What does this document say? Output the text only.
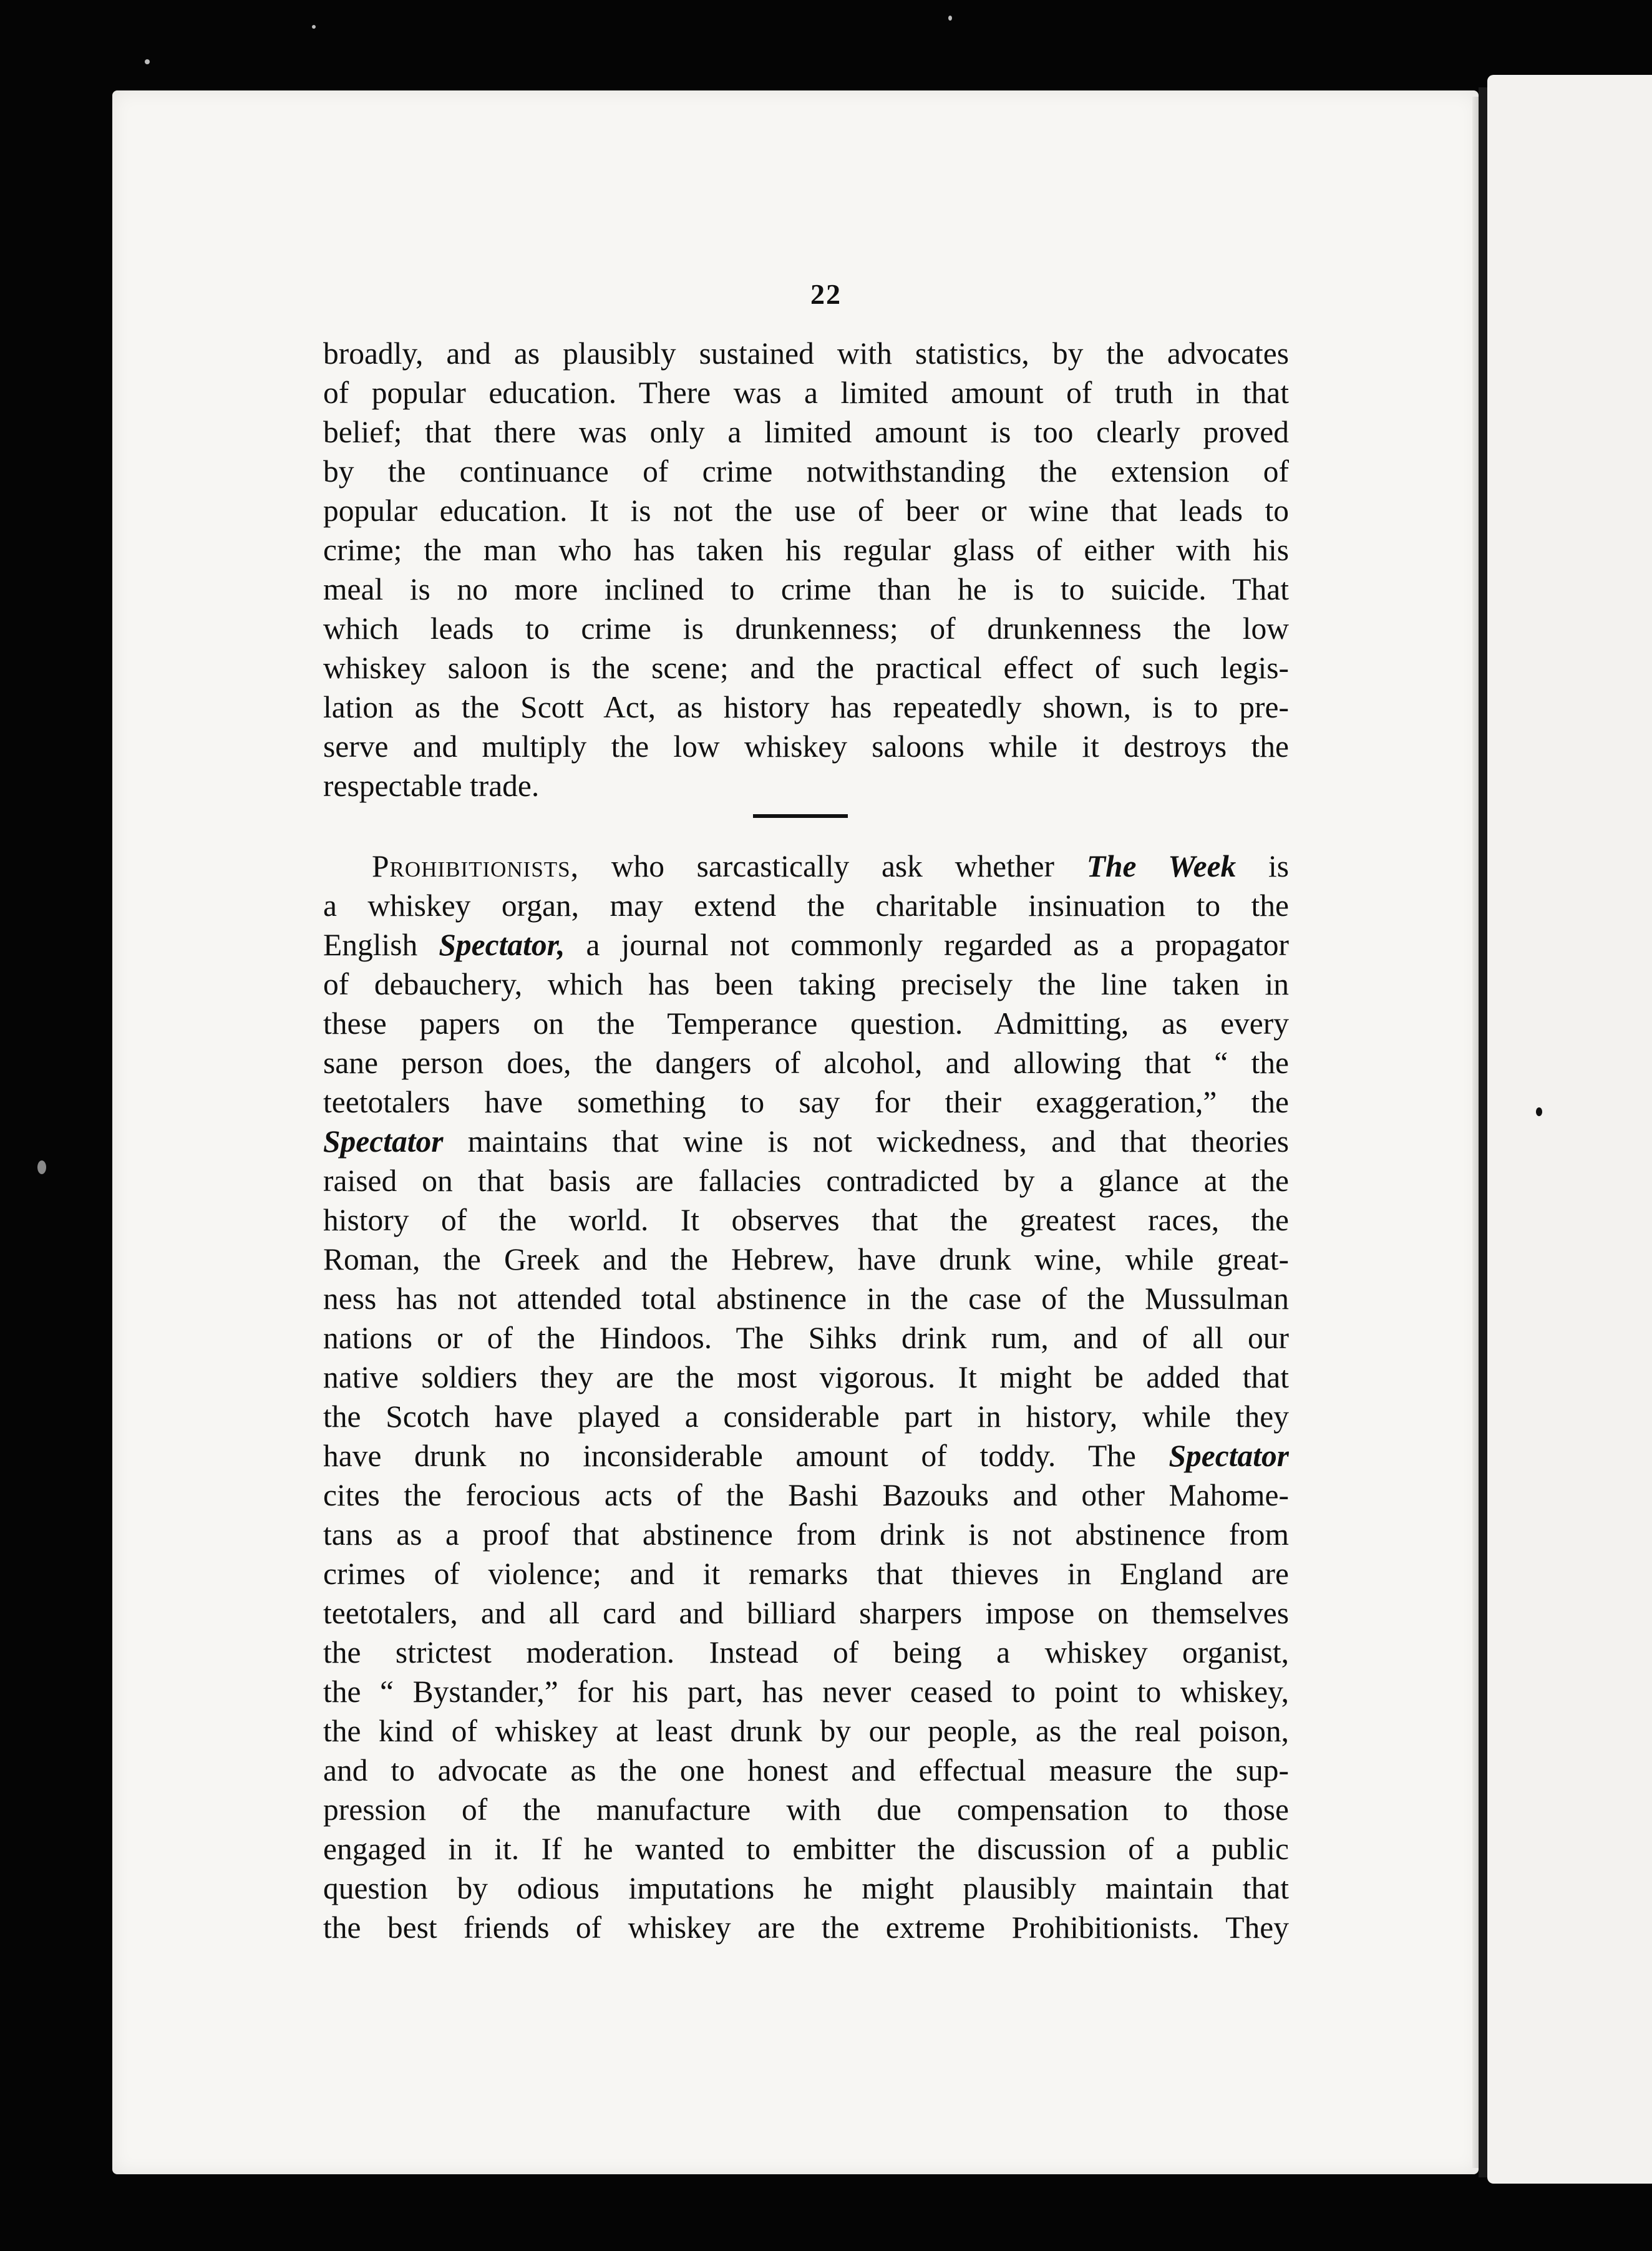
22
broadly, and as plausibly sustained with statistics, by the advocates
of popular education. There was a limited amount of truth in that
belief; that there was only a limited amount is too clearly proved
by the continuance of crime notwithstanding the extension of
popular education. It is not the use of beer or wine that leads to
crime; the man who has taken his regular glass of either with his
meal is no more inclined to crime than he is to suicide. That
which leads to crime is drunkenness; of drunkenness the low
whiskey saloon is the scene; and the practical effect of such legis-
lation as the Scott Act, as history has repeatedly shown, is to pre-
serve and multiply the low whiskey saloons while it destroys the
respectable trade.
Prohibitionists, who sarcastically ask whether The Week is
a whiskey organ, may extend the charitable insinuation to the
English Spectator, a journal not commonly regarded as a propagator
of debauchery, which has been taking precisely the line taken in
these papers on the Temperance question. Admitting, as every
sane person does, the dangers of alcohol, and allowing that “ the
teetotalers have something to say for their exaggeration,” the
Spectator maintains that wine is not wickedness, and that theories
raised on that basis are fallacies contradicted by a glance at the
history of the world. It observes that the greatest races, the
Roman, the Greek and the Hebrew, have drunk wine, while great-
ness has not attended total abstinence in the case of the Mussulman
nations or of the Hindoos. The Sihks drink rum, and of all our
native soldiers they are the most vigorous. It might be added that
the Scotch have played a considerable part in history, while they
have drunk no inconsiderable amount of toddy. The Spectator
cites the ferocious acts of the Bashi Bazouks and other Mahome-
tans as a proof that abstinence from drink is not abstinence from
crimes of violence; and it remarks that thieves in England are
teetotalers, and all card and billiard sharpers impose on themselves
the strictest moderation. Instead of being a whiskey organist,
the “ Bystander,” for his part, has never ceased to point to whiskey,
the kind of whiskey at least drunk by our people, as the real poison,
and to advocate as the one honest and effectual measure the sup-
pression of the manufacture with due compensation to those
engaged in it. If he wanted to embitter the discussion of a public
question by odious imputations he might plausibly maintain that
the best friends of whiskey are the extreme Prohibitionists. They
